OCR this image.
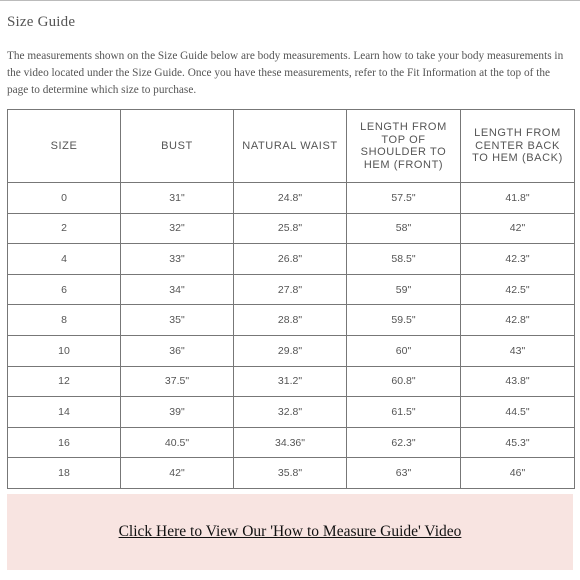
Size Guide
The measurements shown on the Size Guide below are body measurements. Learn how to take your body measurements in the video located under the Size Guide. Once you have these measurements, refer to the Fit Information at the top of the page to determine which size to purchase.
SIZE	BUST	NATURAL WAIST	LENGTH FROM TOP OF SHOULDER TO HEM (FRONT)	LENGTH FROM CENTER BACK TO HEM (BACK)
0	31"	24.8"	57.5"	41.8"
2	32"	25.8"	58"	42"
4	33"	26.8"	58.5"	42.3"
6	34"	27.8"	59"	42.5"
8	35"	28.8"	59.5"	42.8"
10	36"	29.8"	60"	43"
12	37.5"	31.2"	60.8"	43.8"
14	39"	32.8"	61.5"	44.5"
16	40.5"	34.36"	62.3"	45.3"
18	42"	35.8"	63"	46"
Click Here to View Our 'How to Measure Guide' Video
